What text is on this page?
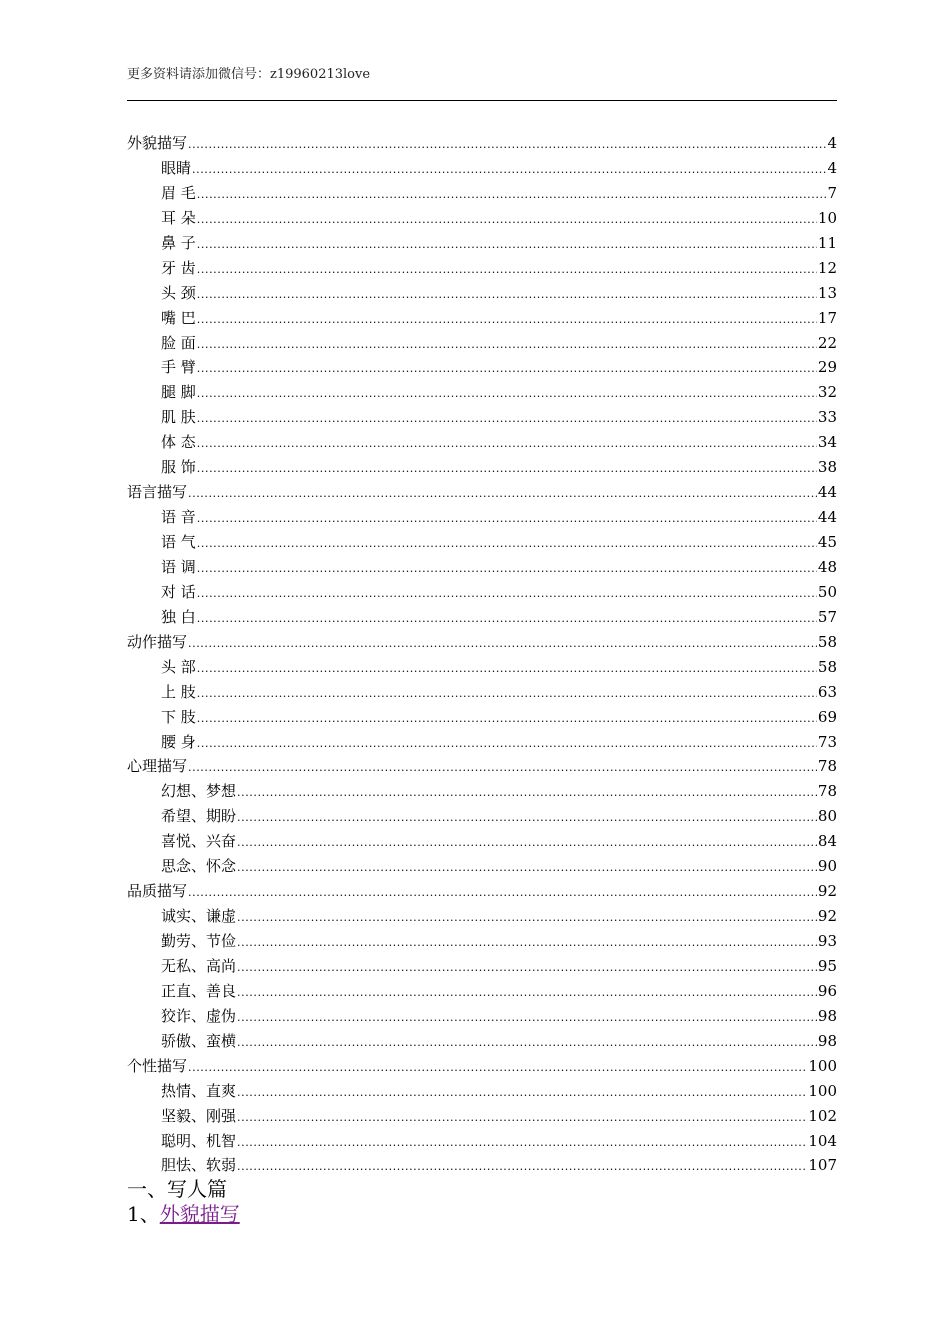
更多资料请添加微信号：z19960213love
外貌描写 .....	4
眼睛 .....	4
眉 毛 .....	7
耳 朵 .....	10
鼻 子 .....	11
牙 齿 .....	12
头 颈 .....	13
嘴 巴 .....	17
脸 面 .....	22
手 臂 .....	29
腿 脚 .....	32
肌 肤 .....	33
体 态 .....	34
服 饰 .....	38
语言描写 .....	44
语 音 .....	44
语 气 .....	45
语 调 .....	48
对 话 .....	50
独 白 .....	57
动作描写 .....	58
头 部 .....	58
上 肢 .....	63
下 肢 .....	69
腰 身 .....	73
心理描写 .....	78
幻想、梦想 .....	78
希望、期盼 .....	80
喜悦、兴奋 .....	84
思念、怀念 .....	90
品质描写 .....	92
诚实、谦虚 .....	92
勤劳、节俭 .....	93
无私、高尚 .....	95
正直、善良 .....	96
狡诈、虚伪 .....	98
骄傲、蛮横 .....	98
个性描写 .....	100
热情、直爽 .....	100
坚毅、刚强 .....	102
聪明、机智 .....	104
胆怯、软弱 .....	107
一、写人篇
1、外貌描写
